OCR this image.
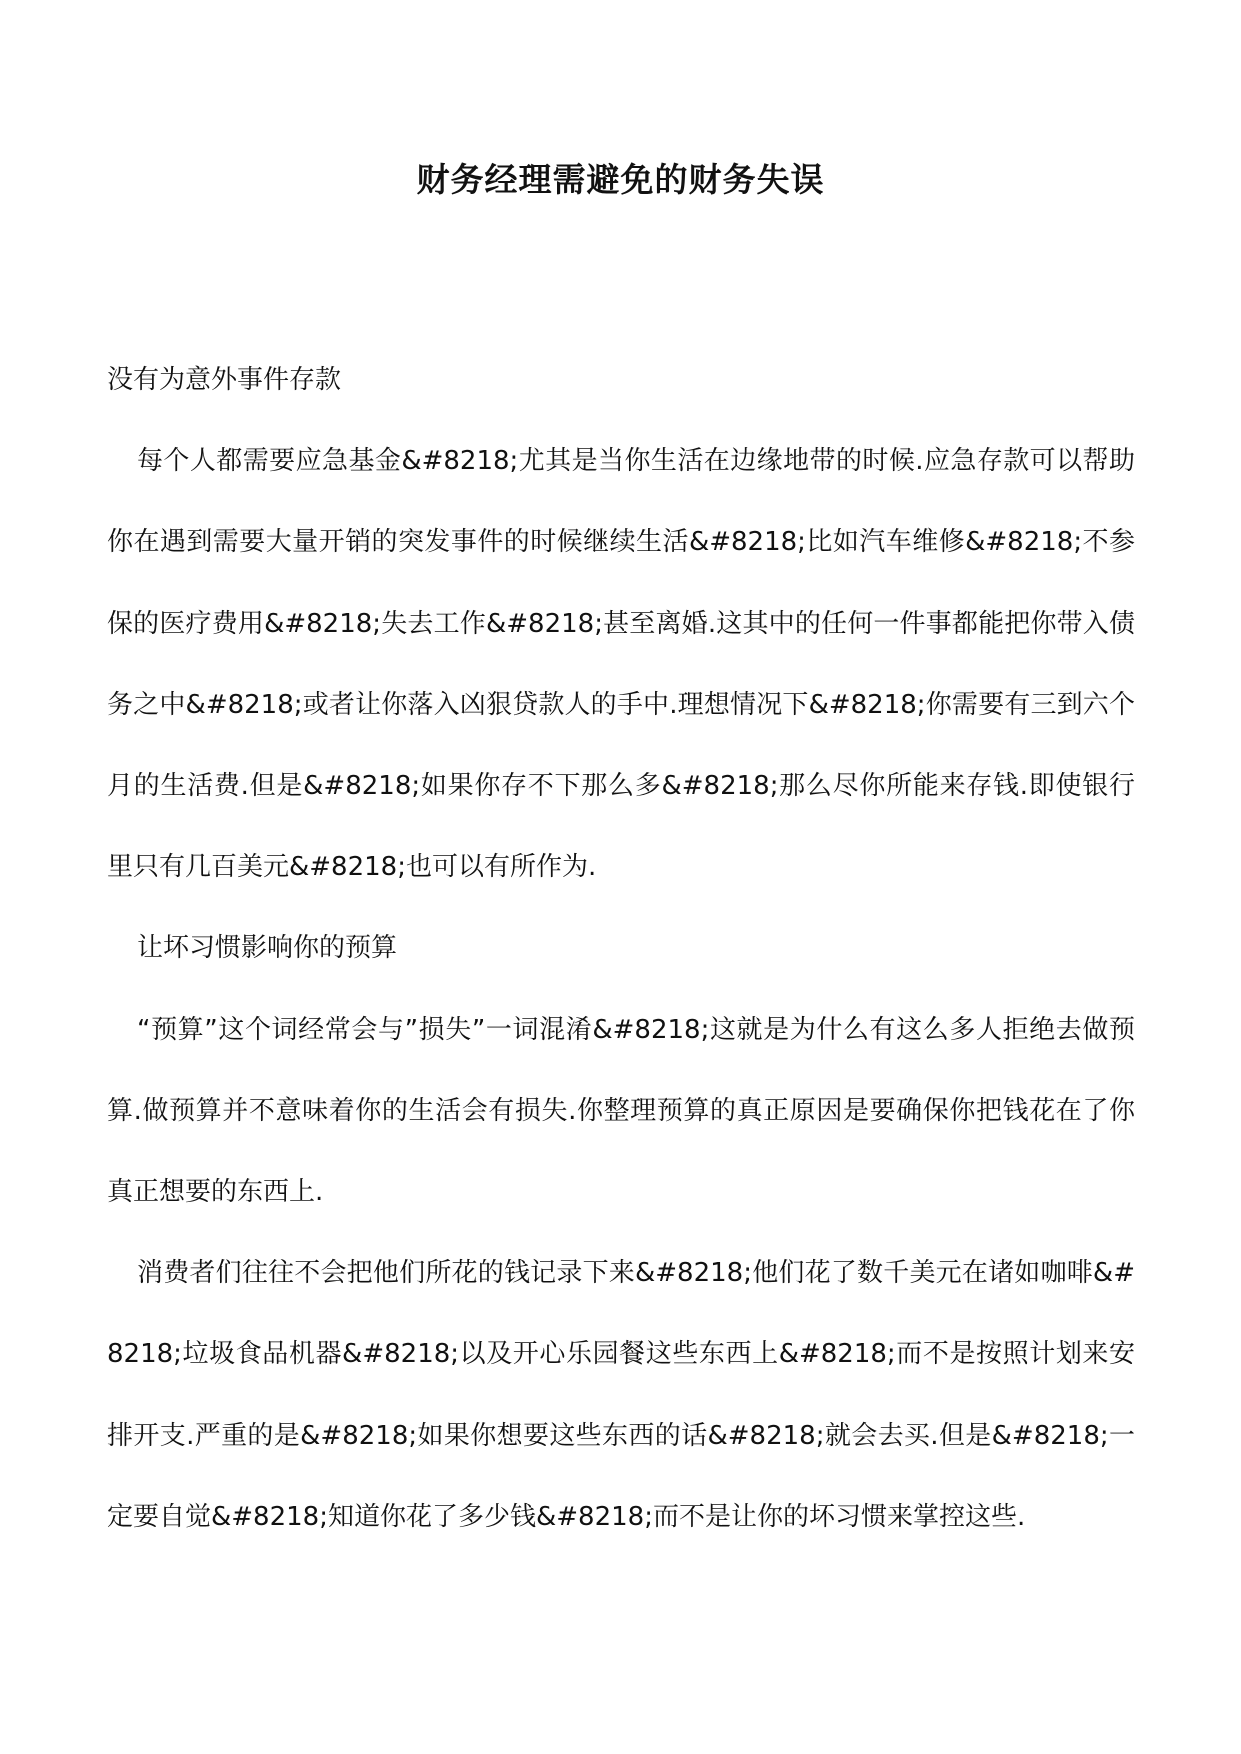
财务经理需避免的财务失误

没有为意外事件存款

每个人都需要应急基金&#8218;尤其是当你生活在边缘地带的时候.应急存款可以帮助你在遇到需要大量开销的突发事件的时候继续生活&#8218;比如汽车维修&#8218;不参保的医疗费用&#8218;失去工作&#8218;甚至离婚.这其中的任何一件事都能把你带入债务之中&#8218;或者让你落入凶狠贷款人的手中.理想情况下&#8218;你需要有三到六个月的生活费.但是&#8218;如果你存不下那么多&#8218;那么尽你所能来存钱.即使银行里只有几百美元&#8218;也可以有所作为.

让坏习惯影响你的预算

“预算”这个词经常会与”损失”一词混淆&#8218;这就是为什么有这么多人拒绝去做预算.做预算并不意味着你的生活会有损失.你整理预算的真正原因是要确保你把钱花在了你真正想要的东西上.

消费者们往往不会把他们所花的钱记录下来&#8218;他们花了数千美元在诸如咖啡&#8218;垃圾食品机器&#8218;以及开心乐园餐这些东西上&#8218;而不是按照计划来安排开支.严重的是&#8218;如果你想要这些东西的话&#8218;就会去买.但是&#8218;一定要自觉&#8218;知道你花了多少钱&#8218;而不是让你的坏习惯来掌控这些.
